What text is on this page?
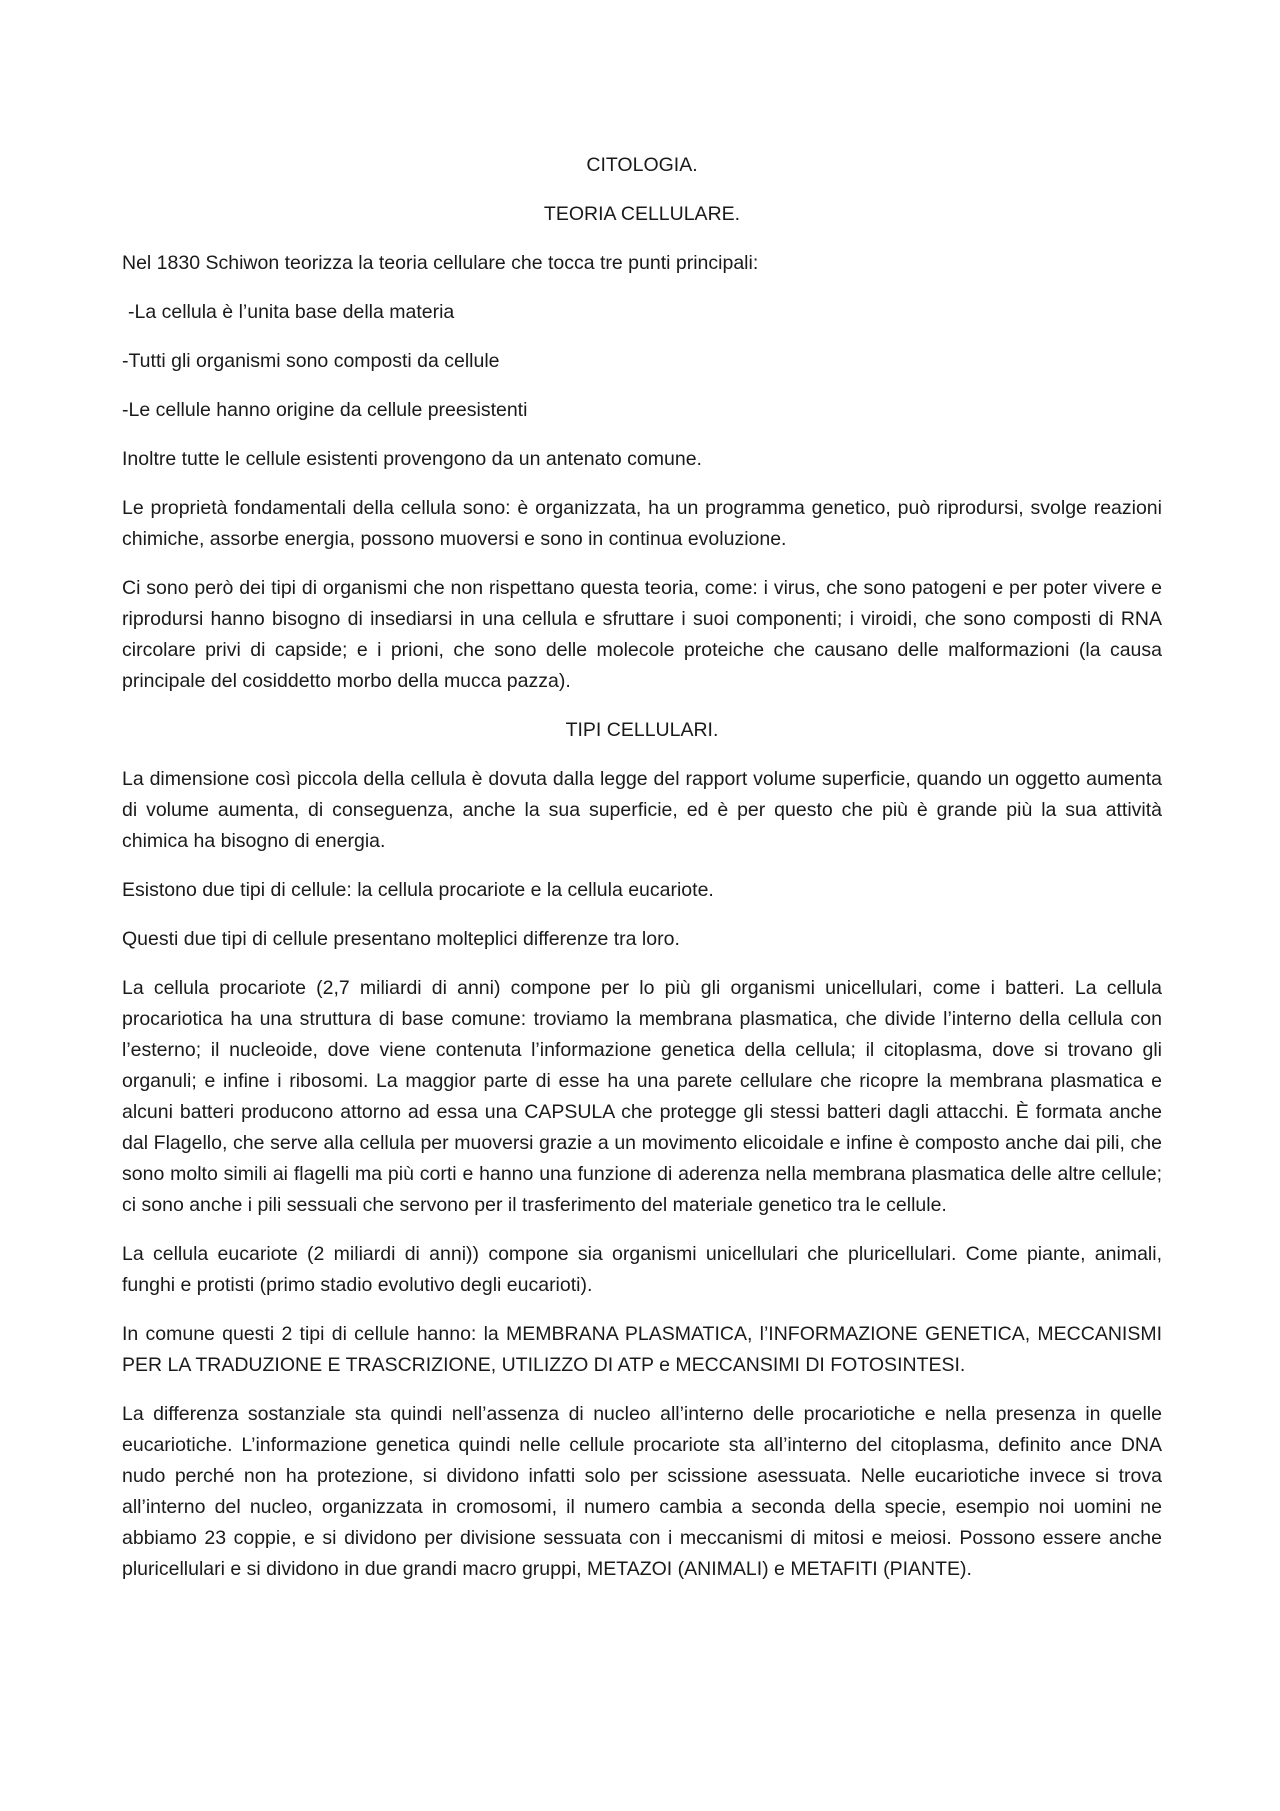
CITOLOGIA.

TEORIA CELLULARE.

Nel 1830 Schiwon teorizza la teoria cellulare che tocca tre punti principali:

-La cellula è l’unita base della materia

-Tutti gli organismi sono composti da cellule

-Le cellule hanno origine da cellule preesistenti

Inoltre tutte le cellule esistenti provengono da un antenato comune.

Le proprietà fondamentali della cellula sono: è organizzata, ha un programma genetico, può riprodursi, svolge reazioni chimiche, assorbe energia, possono muoversi e sono in continua evoluzione.

Ci sono però dei tipi di organismi che non rispettano questa teoria, come: i virus, che sono patogeni e per poter vivere e riprodursi hanno bisogno di insediarsi in una cellula e sfruttare i suoi componenti; i viroidi, che sono composti di RNA circolare privi di capside; e i prioni, che sono delle molecole proteiche che causano delle malformazioni (la causa principale del cosiddetto morbo della mucca pazza).

TIPI CELLULARI.

La dimensione così piccola della cellula è dovuta dalla legge del rapport volume superficie, quando un oggetto aumenta di volume aumenta, di conseguenza, anche la sua superficie, ed è per questo che più è grande più la sua attività chimica ha bisogno di energia.

Esistono due tipi di cellule: la cellula procariote e la cellula eucariote.

Questi due tipi di cellule presentano molteplici differenze tra loro.

La cellula procariote (2,7 miliardi di anni) compone per lo più gli organismi unicellulari, come i batteri. La cellula procariotica ha una struttura di base comune: troviamo la membrana plasmatica, che divide l’interno della cellula con l’esterno; il nucleoide, dove viene contenuta l’informazione genetica della cellula; il citoplasma, dove si trovano gli organuli; e infine i ribosomi. La maggior parte di esse ha una parete cellulare che ricopre la membrana plasmatica e alcuni batteri producono attorno ad essa una CAPSULA che protegge gli stessi batteri dagli attacchi. È formata anche dal Flagello, che serve alla cellula per muoversi grazie a un movimento elicoidale e infine è composto anche dai pili, che sono molto simili ai flagelli ma più corti e hanno una funzione di aderenza nella membrana plasmatica delle altre cellule; ci sono anche i pili sessuali che servono per il trasferimento del materiale genetico tra le cellule.

La cellula eucariote (2 miliardi di anni)) compone sia organismi unicellulari che pluricellulari. Come piante, animali, funghi e protisti (primo stadio evolutivo degli eucarioti).

In comune questi 2 tipi di cellule hanno: la MEMBRANA PLASMATICA, l’INFORMAZIONE GENETICA, MECCANISMI PER LA TRADUZIONE E TRASCRIZIONE, UTILIZZO DI ATP e MECCANSIMI DI FOTOSINTESI.

La differenza sostanziale sta quindi nell’assenza di nucleo all’interno delle procariotiche e nella presenza in quelle eucariotiche. L’informazione genetica quindi nelle cellule procariote sta all’interno del citoplasma, definito ance DNA nudo perché non ha protezione, si dividono infatti solo per scissione asessuata. Nelle eucariotiche invece si trova all’interno del nucleo, organizzata in cromosomi, il numero cambia a seconda della specie, esempio noi uomini ne abbiamo 23 coppie, e si dividono per divisione sessuata con i meccanismi di mitosi e meiosi. Possono essere anche pluricellulari e si dividono in due grandi macro gruppi, METAZOI (ANIMALI) e METAFITI (PIANTE).
